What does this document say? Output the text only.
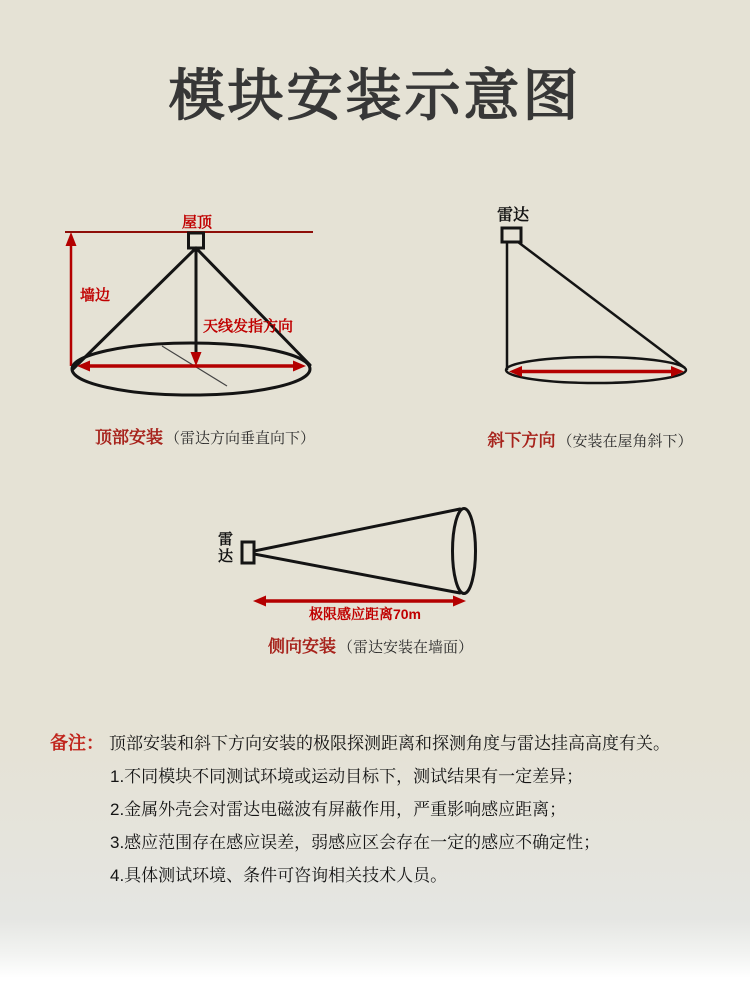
模块安装示意图
屋顶
墙边
天线发指方向
雷达
极限感应距离70m
雷达
顶部安装 （雷达方向垂直向下）	斜下方向 （安装在屋角斜下）
侧向安装 （雷达安装在墙面）
备注： 顶部安装和斜下方向安装的极限探测距离和探测角度与雷达挂高高度有关。
1.不同模块不同测试环境或运动目标下，测试结果有一定差异；
2.金属外壳会对雷达电磁波有屏蔽作用，严重影响感应距离；
3.感应范围存在感应误差，弱感应区会存在一定的感应不确定性；
4.具体测试环境、条件可咨询相关技术人员。
